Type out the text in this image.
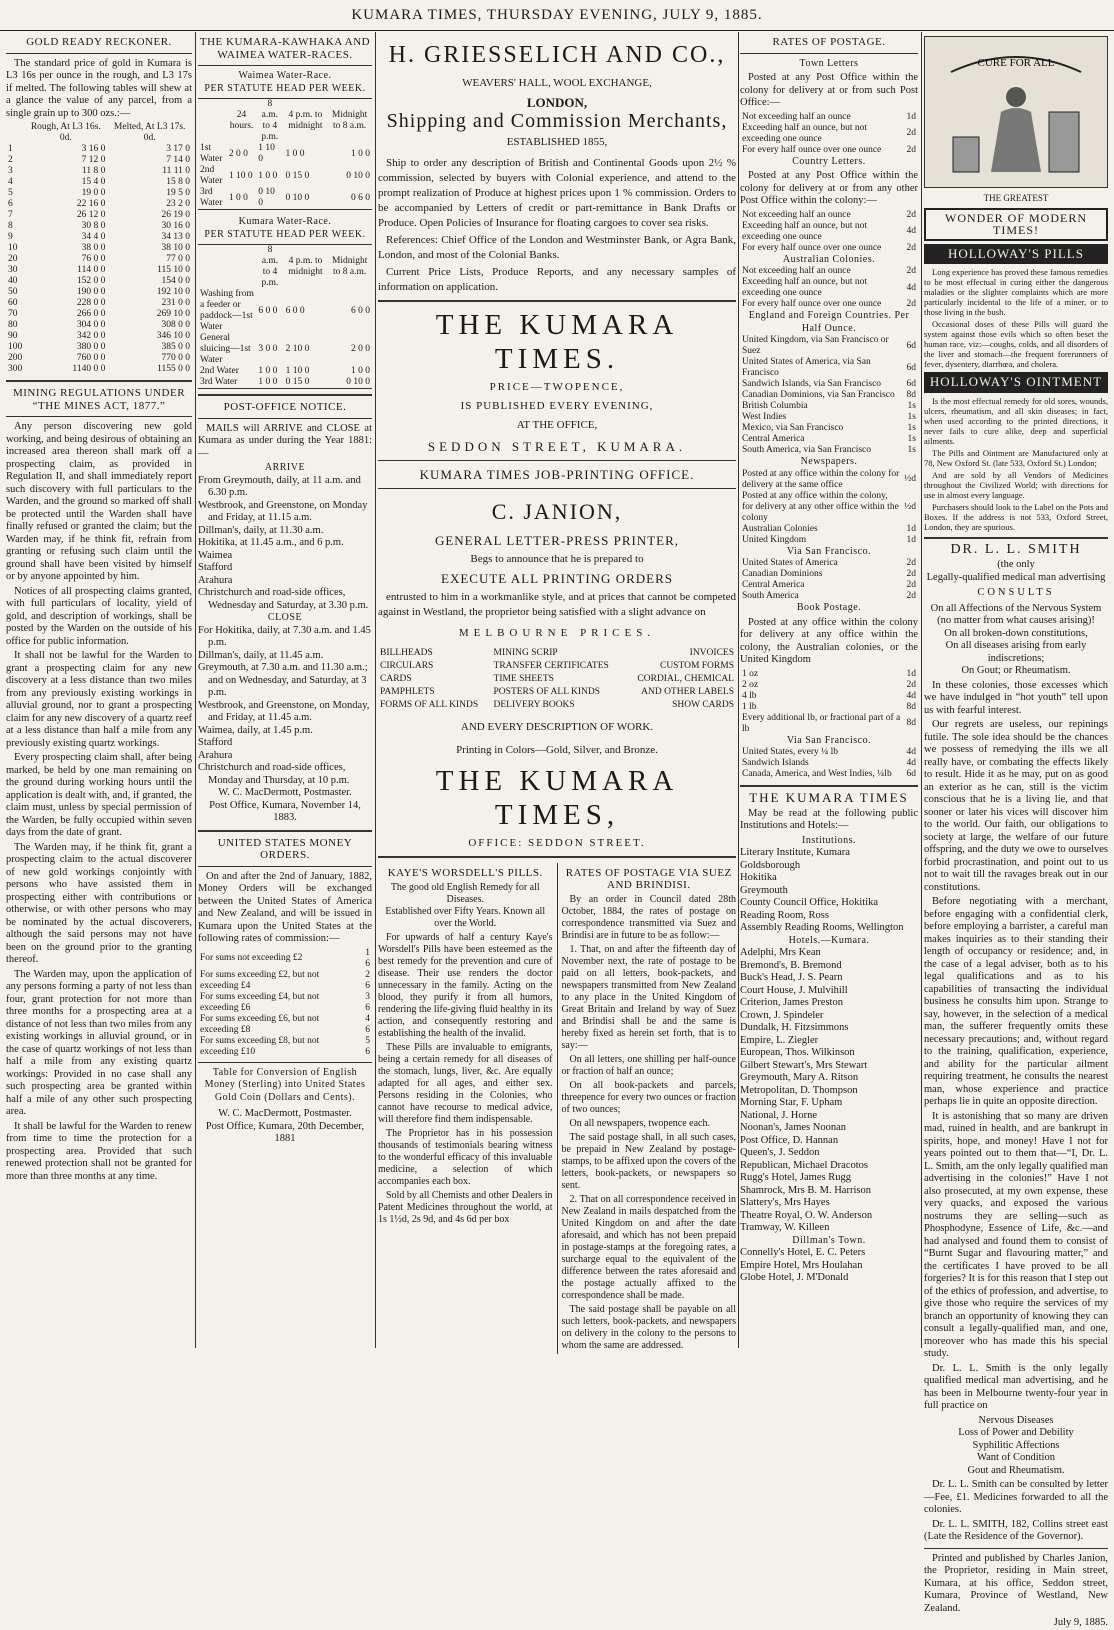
KUMARA TIMES, THURSDAY EVENING, JULY 9, 1885.
GOLD READY RECKONER.

The standard price of gold in Kumara is L3 16s per ounce in the rough, and L3 17s if melted. The following tables will shew at a glance the value of any parcel, from a single grain up to 300 ozs.:—

	Rough, At L3 16s. 0d.	Melted, At L3 17s. 0d.
1	3 16 0	3 17 0
2	7 12 0	7 14 0
3	11 8 0	11 11 0
4	15 4 0	15 8 0
5	19 0 0	19 5 0
6	22 16 0	23 2 0
7	26 12 0	26 19 0
8	30 8 0	30 16 0
9	34 4 0	34 13 0
10	38 0 0	38 10 0
20	76 0 0	77 0 0
30	114 0 0	115 10 0
40	152 0 0	154 0 0
50	190 0 0	192 10 0
60	228 0 0	231 0 0
70	266 0 0	269 10 0
80	304 0 0	308 0 0
90	342 0 0	346 10 0
100	380 0 0	385 0 0
200	760 0 0	770 0 0
300	1140 0 0	1155 0 0
MINING REGULATIONS UNDER “THE MINES ACT, 1877.”

Any person discovering new gold working, and being desirous of obtaining an increased area thereon shall mark off a prospecting claim, as provided in Regulation II, and shall immediately report such discovery with full particulars to the Warden, and the ground so marked off shall be protected until the Warden shall have finally refused or granted the claim; but the Warden may, if he think fit, refrain from granting or refusing such claim until the ground shall have been visited by himself or by anyone appointed by him.

Notices of all prospecting claims granted, with full particulars of locality, yield of gold, and description of workings, shall be posted by the Warden on the outside of his office for public information.

It shall not be lawful for the Warden to grant a prospecting claim for any new discovery at a less distance than two miles from any previously existing workings in alluvial ground, nor to grant a prospecting claim for any new discovery of a quartz reef at a less distance than half a mile from any previously existing quartz workings.

Every prospecting claim shall, after being marked, be held by one man remaining on the ground during working hours until the application is dealt with, and, if granted, the claim must, unless by special permission of the Warden, be fully occupied within seven days from the date of grant.

The Warden may, if he think fit, grant a prospecting claim to the actual discoverer of new gold workings conjointly with persons who have assisted them in prospecting either with contributions or otherwise, or with other persons who may be nominated by the actual discoverers, although the said persons may not have been on the ground prior to the granting thereof.

The Warden may, upon the application of any persons forming a party of not less than four, grant protection for not more than three months for a prospecting area at a distance of not less than two miles from any existing workings in alluvial ground, or in the case of quartz workings of not less than half a mile from any existing quartz workings: Provided in no case shall any such prospecting area be granted within half a mile of any other such prospecting area.

It shall be lawful for the Warden to renew from time to time the protection for a prospecting area. Provided that such renewed protection shall not be granted for more than three months at any time.

THE KUMARA-KAWHAKA AND WAIMEA WATER-RACES.
Waimea Water-Race.
PER STATUTE HEAD PER WEEK.
	24 hours.	8 a.m. to 4 p.m.	4 p.m. to midnight	Midnight to 8 a.m.
1st Water	2 0 0	1 10 0	1 0 0	1 0 0
2nd Water	1 10 0	1 0 0	0 15 0	0 10 0
3rd Water	1 0 0	0 10 0	0 10 0	0 6 0
Kumara Water-Race.
PER STATUTE HEAD PER WEEK.
	8 a.m. to 4 p.m.	4 p.m. to midnight	Midnight to 8 a.m.
Washing from a feeder or paddock—1st Water	6 0 0	6 0 0	6 0 0
General sluicing—1st Water	3 0 0	2 10 0	2 0 0
2nd Water	1 0 0	1 10 0	1 0 0
3rd Water	1 0 0	0 15 0	0 10 0
POST-OFFICE NOTICE.

MAILS will ARRIVE and CLOSE at Kumara as under during the Year 1881:—

ARRIVE
From Greymouth, daily, at 11 a.m. and 6.30 p.m.
Westbrook, and Greenstone, on Monday and Friday, at 11.15 a.m.
Dillman's, daily, at 11.30 a.m.
Hokitika, at 11.45 a.m., and 6 p.m.
Waimea
Stafford
Arahura
Christchurch and road-side offices, Wednesday and Saturday, at 3.30 p.m.
CLOSE
For Hokitika, daily, at 7.30 a.m. and 1.45 p.m.
Dillman's, daily, at 11.45 a.m.
Greymouth, at 7.30 a.m. and 11.30 a.m.; and on Wednesday, and Saturday, at 3 p.m.
Westbrook, and Greenstone, on Monday, and Friday, at 11.45 a.m.
Waimea, daily, at 1.45 p.m.
Stafford
Arahura
Christchurch and road-side offices, Monday and Thursday, at 10 p.m.
W. C. MacDermott, Postmaster.
Post Office, Kumara, November 14, 1883.
UNITED STATES MONEY ORDERS.

On and after the 2nd of January, 1882, Money Orders will be exchanged between the United States of America and New Zealand, and will be issued in Kumara upon the United States at the following rates of commission:—

For sums not exceeding £2	1 6
For sums exceeding £2, but not exceeding £4	2 6
For sums exceeding £4, but not exceeding £6	3 6
For sums exceeding £6, but not exceeding £8	4 6
For sums exceeding £8, but not exceeding £10	5 6
Table for Conversion of English Money (Sterling) into United States Gold Coin (Dollars and Cents).
W. C. MacDermott, Postmaster.
Post Office, Kumara, 20th December, 1881
H. GRIESSELICH AND CO.,
WEAVERS' HALL, WOOL EXCHANGE,
LONDON,
Shipping and Commission Merchants,
ESTABLISHED 1855,

Ship to order any description of British and Continental Goods upon 2½ % commission, selected by buyers with Colonial experience, and attend to the prompt realization of Produce at highest prices upon 1 % commission. Orders to be accompanied by Letters of credit or part-remittance in Bank Drafts or Produce. Open Policies of Insurance for floating cargoes to cover sea risks.

References: Chief Office of the London and Westminster Bank, or Agra Bank, London, and most of the Colonial Banks.

Current Price Lists, Produce Reports, and any necessary samples of information on application.

THE KUMARA TIMES.
PRICE—TWOPENCE,
IS PUBLISHED EVERY EVENING,
AT THE OFFICE,
SEDDON STREET, KUMARA.
KUMARA TIMES JOB-PRINTING OFFICE.
C. JANION,
GENERAL LETTER-PRESS PRINTER,
Begs to announce that he is prepared to
EXECUTE ALL PRINTING ORDERS

entrusted to him in a workmanlike style, and at prices that cannot be competed against in Westland, the proprietor being satisfied with a slight advance on

MELBOURNE PRICES.
BILLHEADS	MINING SCRIP	INVOICES
CIRCULARS	TRANSFER CERTIFICATES	CUSTOM FORMS
CARDS	TIME SHEETS	CORDIAL, CHEMICAL
PAMPHLETS	POSTERS OF ALL KINDS	AND OTHER LABELS
FORMS OF ALL KINDS	DELIVERY BOOKS	SHOW CARDS
AND EVERY DESCRIPTION OF WORK.
Printing in Colors—Gold, Silver, and Bronze.
THE KUMARA TIMES,
OFFICE: SEDDON STREET.
KAYE'S WORSDELL'S PILLS.
The good old English Remedy for all Diseases.
Established over Fifty Years. Known all over the World.

For upwards of half a century Kaye's Worsdell's Pills have been esteemed as the best remedy for the prevention and cure of disease. Their use renders the doctor unnecessary in the family. Acting on the blood, they purify it from all humors, rendering the life-giving fluid healthy in its action, and consequently restoring and establishing the health of the invalid.

These Pills are invaluable to emigrants, being a certain remedy for all diseases of the stomach, lungs, liver, &c. Are equally adapted for all ages, and either sex. Persons residing in the Colonies, who cannot have recourse to medical advice, will therefore find them indispensable.

The Proprietor has in his possession thousands of testimonials bearing witness to the wonderful efficacy of this invaluable medicine, a selection of which accompanies each box.

Sold by all Chemists and other Dealers in Patent Medicines throughout the world, at 1s 1½d, 2s 9d, and 4s 6d per box

RATES OF POSTAGE VIA SUEZ AND BRINDISI.

By an order in Council dated 28th October, 1884, the rates of postage on correspondence transmitted via Suez and Brindisi are in future to be as follow:—

1. That, on and after the fifteenth day of November next, the rate of postage to be paid on all letters, book-packets, and newspapers transmitted from New Zealand to any place in the United Kingdom of Great Britain and Ireland by way of Suez and Brindisi shall be and the same is hereby fixed as herein set forth, that is to say:—

On all letters, one shilling per half-ounce or fraction of half an ounce;

On all book-packets and parcels, threepence for every two ounces or fraction of two ounces;

On all newspapers, twopence each.

The said postage shall, in all such cases, be prepaid in New Zealand by postage-stamps, to be affixed upon the covers of the letters, book-packets, or newspapers so sent.

2. That on all correspondence received in New Zealand in mails despatched from the United Kingdom on and after the date aforesaid, and which has not been prepaid in postage-stamps at the foregoing rates, a surcharge equal to the equivalent of the difference between the rates aforesaid and the postage actually affixed to the correspondence shall be made.

The said postage shall be payable on all such letters, book-packets, and newspapers on delivery in the colony to the persons to whom the same are addressed.

RATES OF POSTAGE.
Town Letters

Posted at any Post Office within the colony for delivery at or from such Post Office:—

Not exceeding half an ounce	1d
Exceeding half an ounce, but not exceeding one ounce	2d
For every half ounce over one ounce	2d
Country Letters.

Posted at any Post Office within the colony for delivery at or from any other Post Office within the colony:—

Not exceeding half an ounce	2d
Exceeding half an ounce, but not exceeding one ounce	4d
For every half ounce over one ounce	2d
Australian Colonies.
Not exceeding half an ounce	2d
Exceeding half an ounce, but not exceeding one ounce	4d
For every half ounce over one ounce	2d
England and Foreign Countries. Per Half Ounce.
United Kingdom, via San Francisco or Suez	6d
United States of America, via San Francisco	6d
Sandwich Islands, via San Francisco	6d
Canadian Dominions, via San Francisco	8d
British Columbia	1s
West Indies	1s
Mexico, via San Francisco	1s
Central America	1s
South America, via San Francisco	1s
Newspapers.
Posted at any office within the colony for delivery at the same office	½d
Posted at any office within the colony, for delivery at any other office within the colony	½d
Australian Colonies	1d
United Kingdom	1d
Via San Francisco.
United States of America	2d
Canadian Dominions	2d
Central America	2d
South America	2d
Book Postage.

Posted at any office within the colony for delivery at any office within the colony, the Australian colonies, or the United Kingdom

1 oz	1d
2 oz	2d
4 lb	4d
1 lb	8d
Every additional lb, or fractional part of a lb	8d
Via San Francisco.
United States, every ¼ lb	4d
Sandwich Islands	4d
Canada, America, and West Indies, ¼lb	6d
THE KUMARA TIMES

May be read at the following public Institutions and Hotels:—

Institutions.
Literary Institute, Kumara
Goldsborough
Hokitika
Greymouth
County Council Office, Hokitika
Reading Room, Ross
Assembly Reading Rooms, Wellington
Hotels.—Kumara.
Adelphi, Mrs Kean
Bremond's, B. Bremond
Buck's Head, J. S. Pearn
Court House, J. Mulvihill
Criterion, James Preston
Crown, J. Spindeler
Dundalk, H. Fitzsimmons
Empire, L. Ziegler
European, Thos. Wilkinson
Gilbert Stewart's, Mrs Stewart
Greymouth, Mary A. Ritson
Metropolitan, D. Thompson
Morning Star, F. Upham
National, J. Horne
Noonan's, James Noonan
Post Office, D. Hannan
Queen's, J. Seddon
Republican, Michael Dracotos
Rugg's Hotel, James Rugg
Shamrock, Mrs B. M. Harrison
Slattery's, Mrs Hayes
Theatre Royal, O. W. Anderson
Tramway, W. Killeen
Dillman's Town.
Connelly's Hotel, E. C. Peters
Empire Hotel, Mrs Houlahan
Globe Hotel, J. M'Donald
CURE FOR ALL
THE GREATEST
WONDER OF MODERN TIMES!
HOLLOWAY'S PILLS

Long experience has proved these famous remedies to be most effectual in curing either the dangerous maladies or the slighter complaints which are more particularly incidental to the life of a miner, or to those living in the bush.

Occasional doses of these Pills will guard the system against those evils which so often beset the human race, viz:—coughs, colds, and all disorders of the liver and stomach—the frequent forerunners of fever, dysentery, diarrhœa, and cholera.

HOLLOWAY'S OINTMENT

Is the most effectual remedy for old sores, wounds, ulcers, rheumatism, and all skin diseases; in fact, when used according to the printed directions, it never fails to cure alike, deep and superficial ailments.

The Pills and Ointment are Manufactured only at 78, New Oxford St. (late 533, Oxford St.) London;

And are sold by all Vendors of Medicines throughout the Civilized World; with directions for use in almost every language.

Purchasers should look to the Label on the Pots and Boxes. If the address is not 533, Oxford Street, London, they are spurious.

DR. L. L. SMITH
(the only
Legally-qualified medical man advertising
CONSULTS
On all Affections of the Nervous System (no matter from what causes arising)!
On all broken-down constitutions,
On all diseases arising from early indiscretions;
On Gout; or Rheumatism.

In these colonies, those excesses which we have indulged in “hot youth” tell upon us with fearful interest.

Our regrets are useless, our repinings futile. The sole idea should be the chances we possess of remedying the ills we all really have, or combating the effects likely to result. Hide it as he may, put on as good an exterior as he can, still is the victim conscious that he is a living lie, and that sooner or later his vices will discover him to the world. Our faith, our obligations to society at large, the welfare of our future offspring, and the duty we owe to ourselves forbid procrastination, and point out to us not to wait till the ravages break out in our constitutions.

Before negotiating with a merchant, before engaging with a confidential clerk, before employing a barrister, a careful man makes inquiries as to their standing their length of occupancy or residence; and, in the case of a legal adviser, both as to his legal qualifications and as to his capabilities of transacting the individual business he consults him upon. Strange to say, however, in the selection of a medical man, the sufferer frequently omits these necessary precautions; and, without regard to the training, qualification, experience, and ability for the particular ailment requiring treatment, he consults the nearest man, whose experience and practice perhaps lie in quite an opposite direction.

It is astonishing that so many are driven mad, ruined in health, and are bankrupt in spirits, hope, and money! Have I not for years pointed out to them that—“I, Dr. L. L. Smith, am the only legally qualified man advertising in the colonies!” Have I not also prosecuted, at my own expense, these very quacks, and exposed the various nostrums they are selling—such as Phosphodyne, Essence of Life, &c.—and had analysed and found them to consist of “Burnt Sugar and flavouring matter,” and the certificates I have proved to be all forgeries? It is for this reason that I step out of the ethics of profession, and advertise, to give those who require the services of my branch an opportunity of knowing they can consult a legally-qualified man, and one, moreover who has made this his special study.

Dr. L. L. Smith is the only legally qualified medical man advertising, and he has been in Melbourne twenty-four year in full practice on

Nervous Diseases
Loss of Power and Debility
Syphilitic Affections
Want of Condition
Gout and Rheumatism.

Dr. L. L. Smith can be consulted by letter—Fee, £1. Medicines forwarded to all the colonies.

Dr. L. L. SMITH, 182, Collins street east (Late the Residence of the Governor).

Printed and published by Charles Janion, the Proprietor, residing in Main street, Kumara, at his office, Seddon street, Kumara, Province of Westland, New Zealand.

July 9, 1885.
